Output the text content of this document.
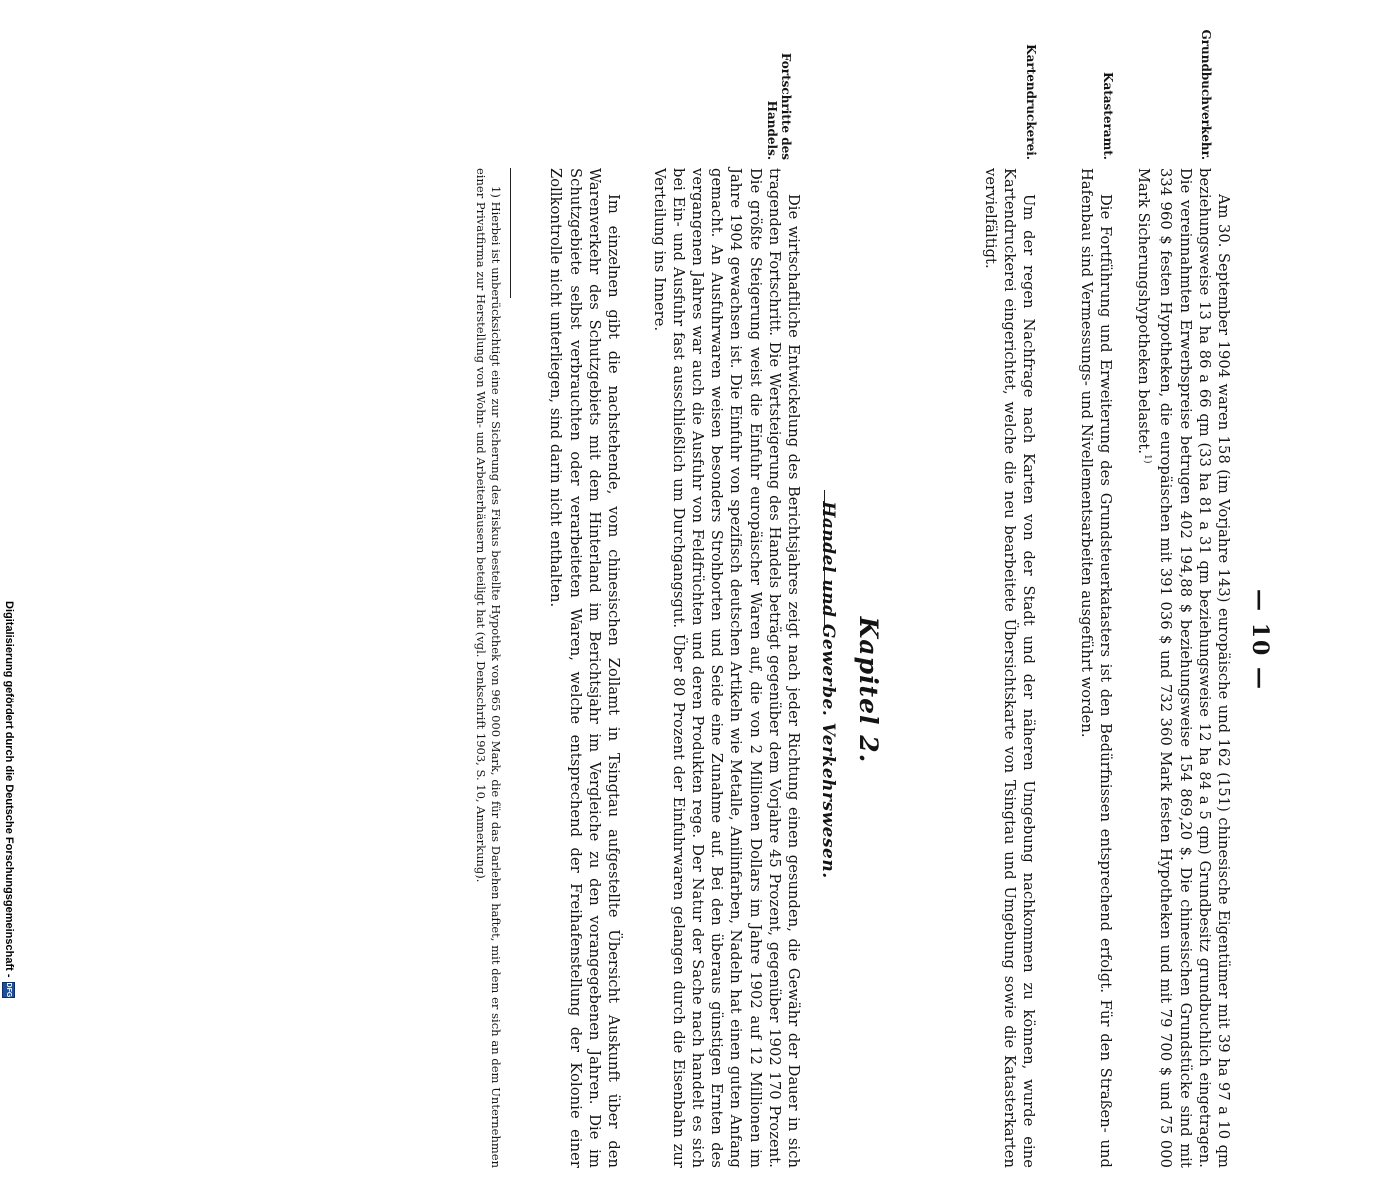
— 10 —
Grundbuchverkehr.

Am 30. September 1904 waren 158 (im Vorjahre 143) europäische und 162 (151) chinesische Eigentümer mit 39 ha 97 a 10 qm beziehungsweise 13 ha 86 a 66 qm (33 ha 81 a 31 qm beziehungsweise 12 ha 84 a 5 qm) Grundbesitz grundbuchlich eingetragen. Die vereinnahmten Erwerbspreise betrugen 402 194,88 $ beziehungsweise 154 869,20 $. Die chinesischen Grundstücke sind mit 334 960 $ festen Hypotheken, die europäischen mit 391 036 $ und 732 360 Mark festen Hypotheken und mit 79 700 $ und 75 000 Mark Sicherungshypotheken belastet.$^{1)}$

Katasteramt.

Die Fortführung und Erweiterung des Grundsteuerkatasters ist den Bedürfnissen entsprechend erfolgt. Für den Straßen- und Hafenbau sind Vermessungs- und Nivellementsarbeiten ausgeführt worden.

Kartendruckerei.

Um der regen Nachfrage nach Karten von der Stadt und der näheren Umgebung nachkommen zu können, wurde eine Kartendruckerei eingerichtet, welche die neu bearbeitete Übersichtskarte von Tsingtau und Umgebung sowie die Katasterkarten vervielfältigt.

Kapitel 2.
Handel und Gewerbe. Verkehrswesen.
Fortschritte des Handels.

Die wirtschaftliche Entwickelung des Berichtsjahres zeigt nach jeder Richtung einen gesunden, die Gewähr der Dauer in sich tragenden Fortschritt. Die Wertsteigerung des Handels beträgt gegenüber dem Vorjahre 45 Prozent, gegenüber 1902 170 Prozent. Die größte Steigerung weist die Einfuhr europäischer Waren auf, die von 2 Millionen Dollars im Jahre 1902 auf 12 Millionen im Jahre 1904 gewachsen ist. Die Einfuhr von spezifisch deutschen Artikeln wie Metalle, Anilinfarben, Nadeln hat einen guten Anfang gemacht. An Ausfuhrwaren weisen besonders Strohborten und Seide eine Zunahme auf. Bei den überaus günstigen Ernten des vergangenen Jahres war auch die Ausfuhr von Feldfrüchten und deren Produkten rege. Der Natur der Sache nach handelt es sich bei Ein- und Ausfuhr fast ausschließlich um Durchgangsgut. Über 80 Prozent der Einfuhrwaren gelangen durch die Eisenbahn zur Verteilung ins Innere.

Im einzelnen gibt die nachstehende, vom chinesischen Zollamt in Tsingtau aufgestellte Übersicht Auskunft über den Warenverkehr des Schutzgebiets mit dem Hinterland im Berichtsjahr im Vergleiche zu den vorangegebenen Jahren. Die im Schutzgebiete selbst verbrauchten oder verarbeiteten Waren, welche entsprechend der Freihafenstellung der Kolonie einer Zollkontrolle nicht unterliegen, sind darin nicht enthalten.

1) Hierbei ist unberücksichtigt eine zur Sicherung des Fiskus bestellte Hypothek von 965 000 Mark, die für das Darlehen haftet, mit dem er sich an dem Unternehmen einer Privatfirma zur Herstellung von Wohn- und Arbeiterhäusern beteiligt hat (vgl. Denkschrift 1903, S. 10, Anmerkung).

Digitalisierung gefördert durch die Deutsche Forschungsgemeinschaft -
DFG
